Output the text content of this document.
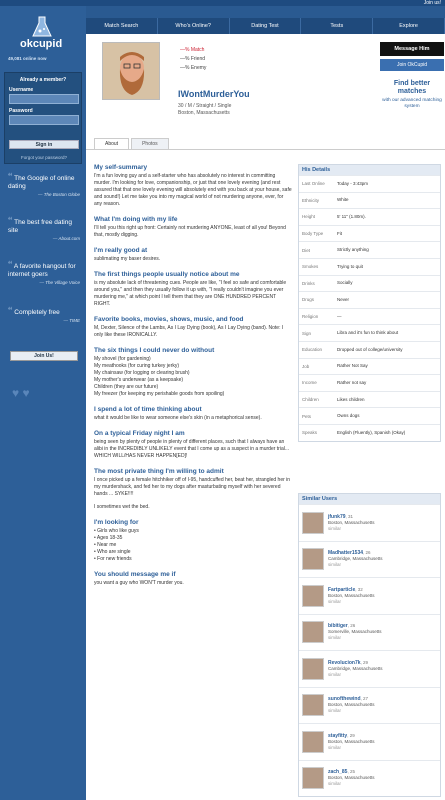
Join us!
okcupid
49,081 online now
Already a member?
Username
Password
Sign in
Forgot your password?
“ The Google of online dating
— The Boston Globe
“ The best free dating site
— About.com
“ A favorite hangout for internet goers
— The Village Voice
“ Completely free
— TIME
Join Us!
♥ ♥
Match Search	Who's Online?	Dating Test	Tests	Explore
—% Match
—% Friend
—% Enemy
IWontMurderYou
30 / M / Straight / Single
Boston, Massachusetts
Message Him
Join OkCupid
Find better matches
with our advanced matching system
About	Photos
My self-summary

I'm a fun loving guy and a self-starter who has absolutely no interest in committing murder. I'm looking for love, companionship, or just that one lovely evening (and rest assured that that one lovely evening will absolutely end with you back at your house, safe and sound!) Let me take you into my magical world of not murdering anyone, ever, for any reason.

What I'm doing with my life

I'll tell you this right up front: Certainly not murdering ANYONE, least of all you! Beyond that, mostly digging.

I'm really good at

sublimating my baser desires.

The first things people usually notice about me

is my absolute lack of threatening cues. People are like, "I feel so safe and comfortable around you," and then they usually follow it up with, "I really couldn't imagine you ever murdering me," at which point I tell them that they are ONE HUNDRED PERCENT RIGHT.

Favorite books, movies, shows, music, and food

M, Dexter, Silence of the Lambs, As I Lay Dying (book), As I Lay Dying (band). Note: I only like these IRONICALLY.

The six things I could never do without
My shovel (for gardening)
My meathooks (for curing turkey jerky)
My chainsaw (for logging or clearing brush)
My mother's underwear (as a keepsake)
Children (they are our future)
My freezer (for keeping my perishable goods from spoiling)
I spend a lot of time thinking about

what it would be like to wear someone else's skin (in a metaphorical sense).

On a typical Friday night I am

being seen by plenty of people in plenty of different places, such that I always have an alibi in the INCREDIBLY UNLIKELY event that I come up as a suspect in a murder trial... WHICH WILL/HAS NEVER HAPPEN[ED]!

The most private thing I'm willing to admit

I once picked up a female hitchhiker off of I-95, handcuffed her, beat her, strangled her in my murdershack, and fed her to my dogs after masturbating myself with her severed hands ... SYKE!!!!

I sometimes wet the bed.

I'm looking for
• Girls who like guys
• Ages 18-35
• Near me
• Who are single
• For new friends
You should message me if

you want a guy who WON'T murder you.

His Details
Last Online	Today - 3:43pm
Ethnicity	White
Height	5' 11" (1.80m).
Body Type	Fit
Diet	Strictly anything
Smokes	Trying to quit
Drinks	Socially
Drugs	Never
Religion	—
Sign	Libra and it's fun to think about
Education	Dropped out of college/university
Job	Rather Not Say
Income	Rather not say
Children	Likes children
Pets	Owns dogs
Speaks	English (Fluently), Spanish (Okay)
Similar Users
jfunk79, 31
Boston, Massachusetts
similar
Madhatter1534, 26
Cambridge, Massachusetts
similar
Fartparticle, 32
Boston, Massachusetts
similar
bibitiger, 26
Somerville, Massachusetts
similar
Revolucion7k, 29
Cambridge, Massachusetts
similar
sunofthewind, 27
Boston, Massachusetts
similar
stayfitty, 29
Boston, Massachusetts
similar
zach_85, 25
Boston, Massachusetts
similar
